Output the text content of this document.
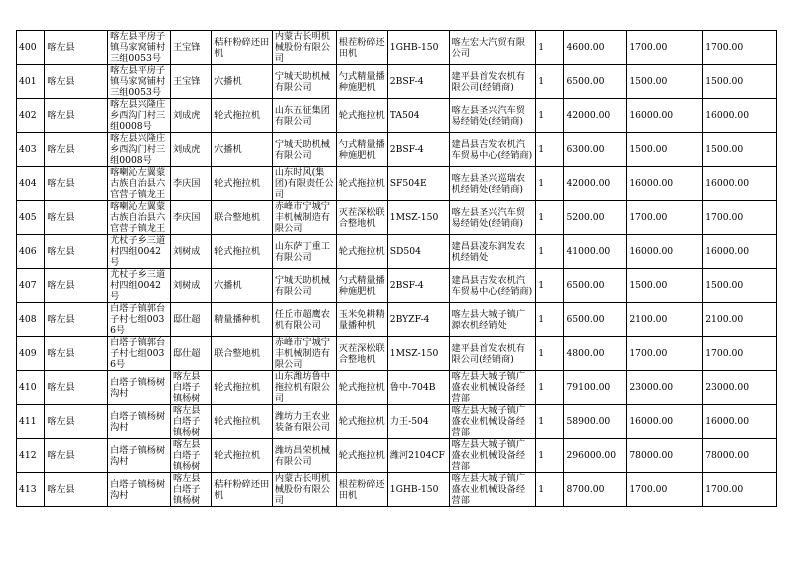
400	喀左县	喀左县平房子镇马家窝铺村三组0053号	王宝锋	秸秆粉碎还田机	内蒙古长明机械股份有限公司	根茬粉碎还田机	1GHB-150	喀左宏大汽贸有限公司	1	4600.00	1700.00	1700.00

401	喀左县	喀左县平房子镇马家窝铺村三组0053号	王宝锋	穴播机	宁城天助机械有限公司	勺式精量播种施肥机	2BSF-4	建平县首发农机有限公司(经销商)	1	6500.00	1500.00	1500.00

402	喀左县	喀左县兴隆庄乡西沟门村三组0008号	刘成虎	轮式拖拉机	山东五征集团有限公司	轮式拖拉机	TA504	喀左县圣兴汽车贸易经销处(经销商)	1	42000.00	16000.00	16000.00

403	喀左县	喀左县兴隆庄乡西沟门村三组0008号	刘成虎	穴播机	宁城天助机械有限公司	勺式精量播种施肥机	2BSF-4	建昌县吉发农机汽车贸易中心(经销商)	1	6300.00	1500.00	1500.00

404	喀左县	喀喇沁左翼蒙古族自治县六官营子镇龙王	李庆国	轮式拖拉机	山东时风(集团)有限责任公司	轮式拖拉机	SF504E	喀左县圣兴巡瑞农机经销处(经销商)	1	42000.00	16000.00	16000.00

405	喀左县	喀喇沁左翼蒙古族自治县六官营子镇龙王	李庆国	联合整地机	赤峰市宁城宁丰机械制造有限公司	灭茬深松联合整地机	1MSZ-150	喀左县圣兴汽车贸易经销处(经销商)	1	5200.00	1700.00	1700.00

406	喀左县	尤杖子乡三道村四组0042号	刘树成	轮式拖拉机	山东萨丁重工有限公司	轮式拖拉机	SD504	建昌县凌东润发农机经销处	1	41000.00	16000.00	16000.00

407	喀左县	尤杖子乡三道村四组0042号	刘树成	穴播机	宁城天助机械有限公司	勺式精量播种施肥机	2BSF-4	建昌县吉发农机汽车贸易中心(经销商)	1	6500.00	1500.00	1500.00

408	喀左县	白塔子镇郭台子村七组0036号	邸仕超	精量播种机	任丘市超鹰农机有限公司	玉米免耕精量播种机	2BYZF-4	喀左县大城子镇广源农机经销处	1	6500.00	2100.00	2100.00

409	喀左县	白塔子镇郭台子村七组0036号	邸仕超	联合整地机	赤峰市宁城宁丰机械制造有限公司	灭茬深松联合整地机	1MSZ-150	建平县首发农机有限公司(经销商)	1	4800.00	1700.00	1700.00

410	喀左县	白塔子镇杨树沟村	喀左县白塔子镇杨树	轮式拖拉机	山东潍坊鲁中拖拉机有限公司	轮式拖拉机	鲁中-704B	喀左县大城子镇广盛农业机械设备经营部	1	79100.00	23000.00	23000.00

411	喀左县	白塔子镇杨树沟村	喀左县白塔子镇杨树	轮式拖拉机	潍坊力王农业装备有限公司	轮式拖拉机	力王-504	喀左县大城子镇广盛农业机械设备经营部	1	58900.00	16000.00	16000.00

412	喀左县	白塔子镇杨树沟村	喀左县白塔子镇杨树	轮式拖拉机	潍坊昌荣机械有限公司	轮式拖拉机	潍河2104CF	喀左县大城子镇广盛农业机械设备经营部	1	296000.00	78000.00	78000.00

413	喀左县	白塔子镇杨树沟村	喀左县白塔子镇杨树	秸秆粉碎还田机	内蒙古长明机械股份有限公司	根茬粉碎还田机	1GHB-150	喀左县大城子镇广盛农业机械设备经营部	1	8700.00	1700.00	1700.00
